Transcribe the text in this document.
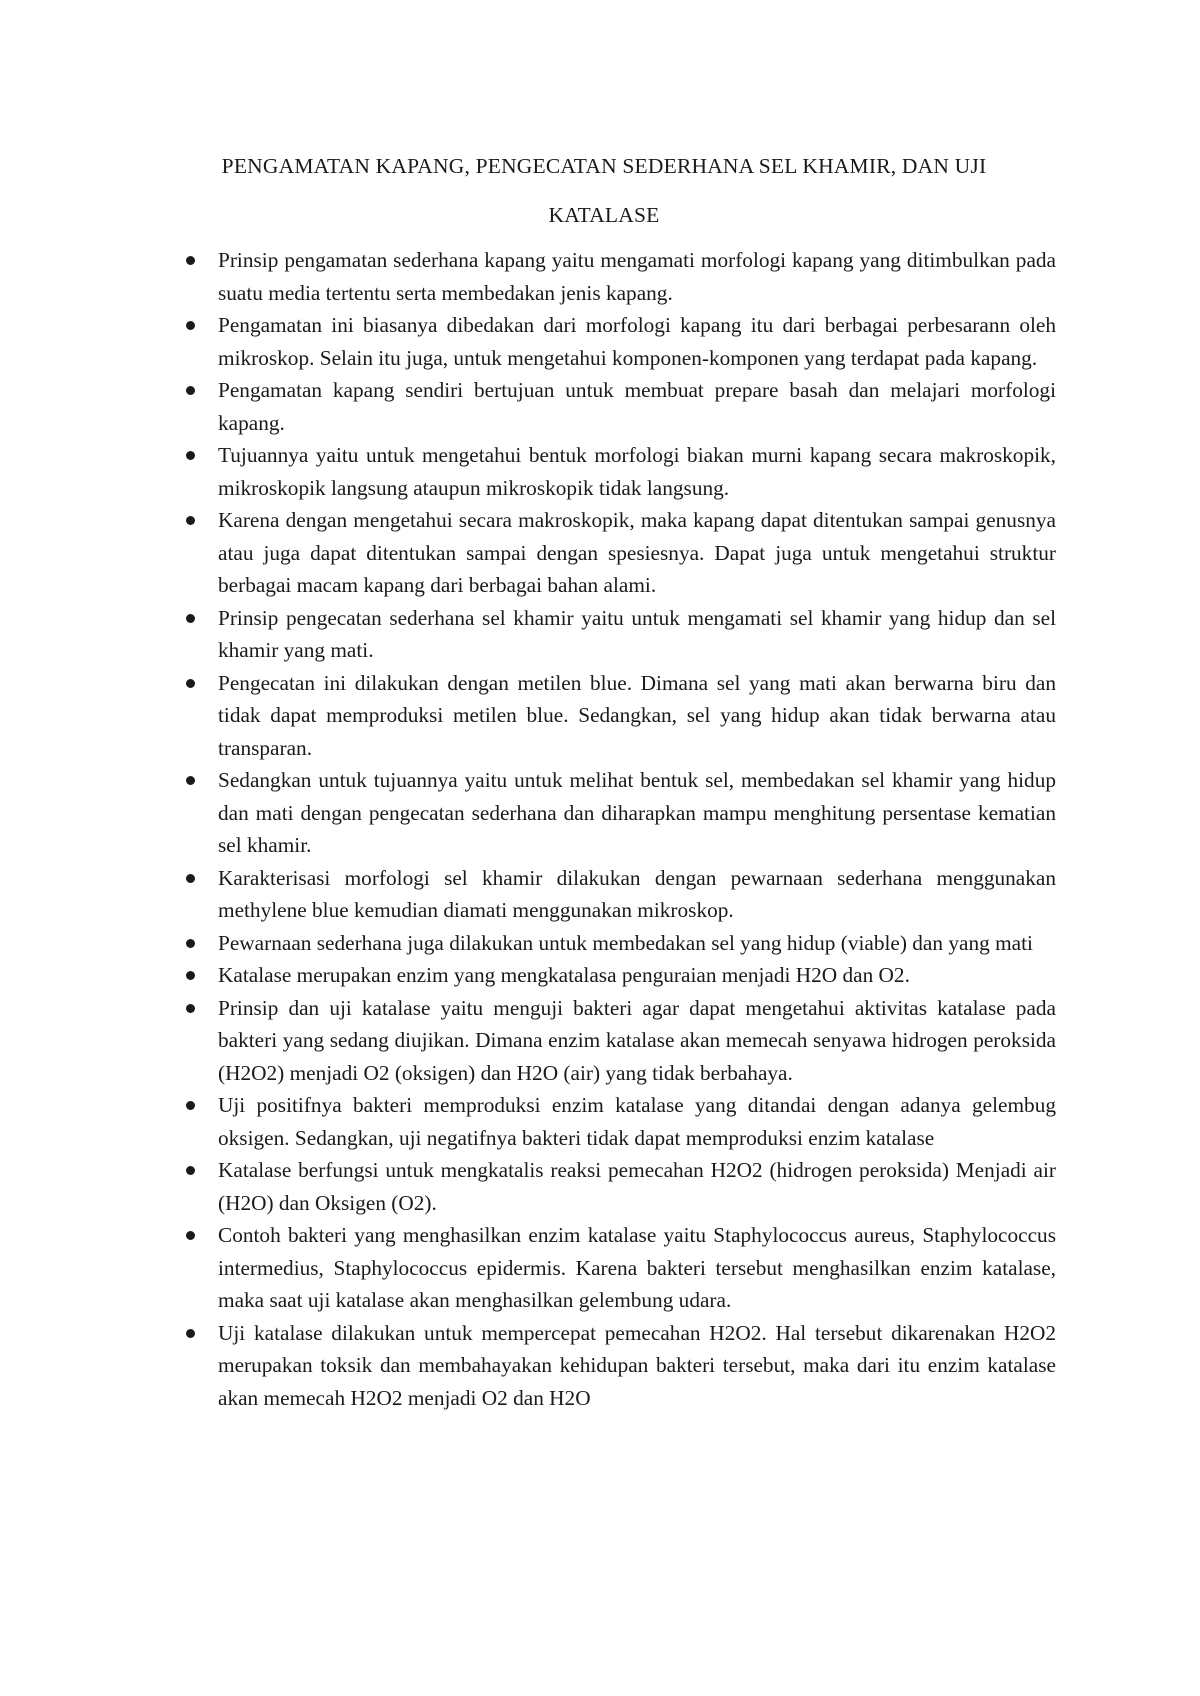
PENGAMATAN KAPANG, PENGECATAN SEDERHANA SEL KHAMIR, DAN UJI
KATALASE
Prinsip pengamatan sederhana kapang yaitu mengamati morfologi kapang yang ditimbulkan pada suatu media tertentu serta membedakan jenis kapang.
Pengamatan ini biasanya dibedakan dari morfologi kapang itu dari berbagai perbesarann oleh mikroskop. Selain itu juga, untuk mengetahui komponen-komponen yang terdapat pada kapang.
Pengamatan kapang sendiri bertujuan untuk membuat prepare basah dan melajari morfologi kapang.
Tujuannya yaitu untuk mengetahui bentuk morfologi biakan murni kapang secara makroskopik, mikroskopik langsung ataupun mikroskopik tidak langsung.
Karena dengan mengetahui secara makroskopik, maka kapang dapat ditentukan sampai genusnya atau juga dapat ditentukan sampai dengan spesiesnya. Dapat juga untuk mengetahui struktur berbagai macam kapang dari berbagai bahan alami.
Prinsip pengecatan sederhana sel khamir yaitu untuk mengamati sel khamir yang hidup dan sel khamir yang mati.
Pengecatan ini dilakukan dengan metilen blue. Dimana sel yang mati akan berwarna biru dan tidak dapat memproduksi metilen blue. Sedangkan, sel yang hidup akan tidak berwarna atau transparan.
Sedangkan untuk tujuannya yaitu untuk melihat bentuk sel, membedakan sel khamir yang hidup dan mati dengan pengecatan sederhana dan diharapkan mampu menghitung persentase kematian sel khamir.
Karakterisasi morfologi sel khamir dilakukan dengan pewarnaan sederhana menggunakan methylene blue kemudian diamati menggunakan mikroskop.
Pewarnaan sederhana juga dilakukan untuk membedakan sel yang hidup (viable) dan yang mati
Katalase merupakan enzim yang mengkatalasa penguraian menjadi H2O dan O2.
Prinsip dan uji katalase yaitu menguji bakteri agar dapat mengetahui aktivitas katalase pada bakteri yang sedang diujikan. Dimana enzim katalase akan memecah senyawa hidrogen peroksida (H2O2) menjadi O2 (oksigen) dan H2O (air) yang tidak berbahaya.
Uji positifnya bakteri memproduksi enzim katalase yang ditandai dengan adanya gelembug oksigen. Sedangkan, uji negatifnya bakteri tidak dapat memproduksi enzim katalase
Katalase berfungsi untuk mengkatalis reaksi pemecahan H2O2 (hidrogen peroksida) Menjadi air (H2O) dan Oksigen (O2).
Contoh bakteri yang menghasilkan enzim katalase yaitu Staphylococcus aureus, Staphylococcus intermedius, Staphylococcus epidermis. Karena bakteri tersebut menghasilkan enzim katalase, maka saat uji katalase akan menghasilkan gelembung udara.
Uji katalase dilakukan untuk mempercepat pemecahan H2O2. Hal tersebut dikarenakan H2O2 merupakan toksik dan membahayakan kehidupan bakteri tersebut, maka dari itu enzim katalase akan memecah H2O2 menjadi O2 dan H2O
